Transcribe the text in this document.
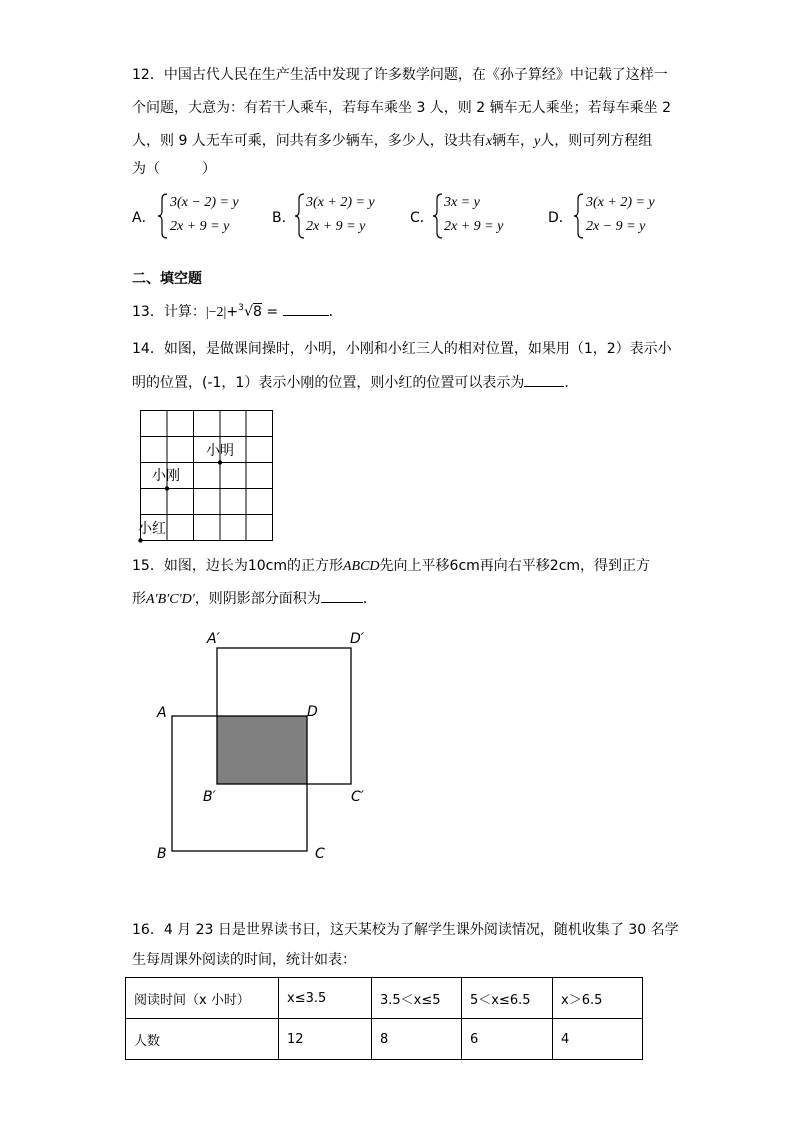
12．中国古代人民在生产生活中发现了许多数学问题，在《孙子算经》中记载了这样一
个问题，大意为：有若干人乘车，若每车乘坐 3 人，则 2 辆车无人乘坐；若每车乘坐 2
人，则 9 人无车可乘，问共有多少辆车，多少人，设共有x辆车，y人，则可列方程组
为（　　　）
A．
3(x − 2) = y
2x + 9 = y
B．
3(x + 2) = y
2x + 9 = y
C．
3x = y
2x + 9 = y
D．
3(x + 2) = y
2x − 9 = y
二、填空题
13．计算：|−2|+ 3 √8 =	．
14．如图，是做课间操时，小明，小刚和小红三人的相对位置，如果用（1，2）表示小
明的位置，(-1，1）表示小刚的位置，则小红的位置可以表示为	．
小明
小刚
小红
15．如图，边长为10cm的正方形ABCD先向上平移6cm再向右平移2cm，得到正方
形A′B′C′D′，则阴影部分面积为	．
A′	D′
A	D
B′	C′
B	C
16．4 月 23 日是世界读书日，这天某校为了解学生课外阅读情况，随机收集了 30 名学
生每周课外阅读的时间，统计如表：
阅读时间（x 小时）	x≤3.5	3.5＜x≤5	5＜x≤6.5	x＞6.5
人数	12	8	6	4
